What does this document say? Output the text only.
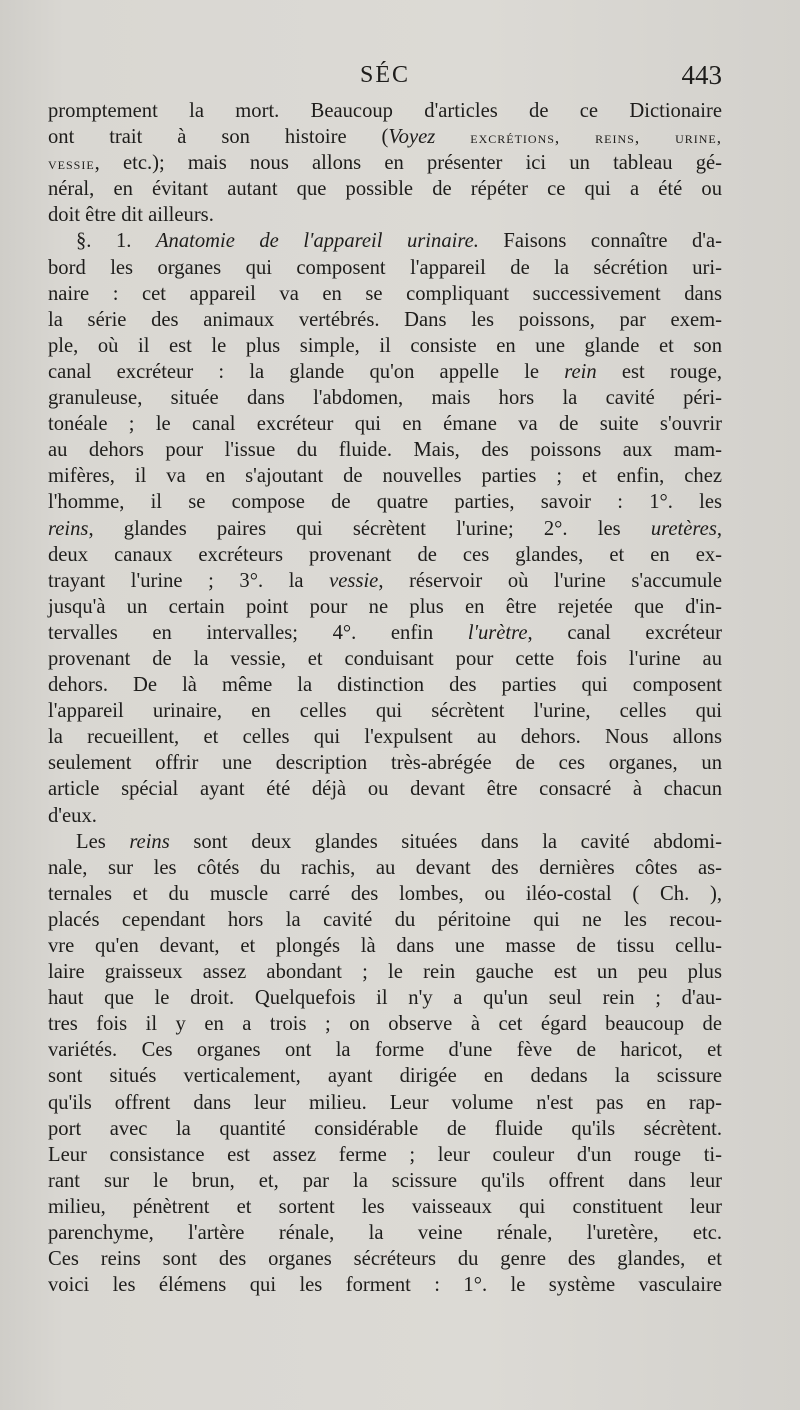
SÉC	443
promptement la mort. Beaucoup d'articles de ce Dictionaire
ont trait à son histoire (Voyez excrétions, reins, urine,
vessie, etc.); mais nous allons en présenter ici un tableau gé-
néral, en évitant autant que possible de répéter ce qui a été ou
doit être dit ailleurs.
§. 1. Anatomie de l'appareil urinaire. Faisons connaître d'a-
bord les organes qui composent l'appareil de la sécrétion uri-
naire : cet appareil va en se compliquant successivement dans
la série des animaux vertébrés. Dans les poissons, par exem-
ple, où il est le plus simple, il consiste en une glande et son
canal excréteur : la glande qu'on appelle le rein est rouge,
granuleuse, située dans l'abdomen, mais hors la cavité péri-
tonéale ; le canal excréteur qui en émane va de suite s'ouvrir
au dehors pour l'issue du fluide. Mais, des poissons aux mam-
mifères, il va en s'ajoutant de nouvelles parties ; et enfin, chez
l'homme, il se compose de quatre parties, savoir : 1°. les
reins, glandes paires qui sécrètent l'urine; 2°. les uretères,
deux canaux excréteurs provenant de ces glandes, et en ex-
trayant l'urine ; 3°. la vessie, réservoir où l'urine s'accumule
jusqu'à un certain point pour ne plus en être rejetée que d'in-
tervalles en intervalles; 4°. enfin l'urètre, canal excréteur
provenant de la vessie, et conduisant pour cette fois l'urine au
dehors. De là même la distinction des parties qui composent
l'appareil urinaire, en celles qui sécrètent l'urine, celles qui
la recueillent, et celles qui l'expulsent au dehors. Nous allons
seulement offrir une description très-abrégée de ces organes, un
article spécial ayant été déjà ou devant être consacré à chacun
d'eux.
Les reins sont deux glandes situées dans la cavité abdomi-
nale, sur les côtés du rachis, au devant des dernières côtes as-
ternales et du muscle carré des lombes, ou iléo-costal ( Ch. ),
placés cependant hors la cavité du péritoine qui ne les recou-
vre qu'en devant, et plongés là dans une masse de tissu cellu-
laire graisseux assez abondant ; le rein gauche est un peu plus
haut que le droit. Quelquefois il n'y a qu'un seul rein ; d'au-
tres fois il y en a trois ; on observe à cet égard beaucoup de
variétés. Ces organes ont la forme d'une fève de haricot, et
sont situés verticalement, ayant dirigée en dedans la scissure
qu'ils offrent dans leur milieu. Leur volume n'est pas en rap-
port avec la quantité considérable de fluide qu'ils sécrètent.
Leur consistance est assez ferme ; leur couleur d'un rouge ti-
rant sur le brun, et, par la scissure qu'ils offrent dans leur
milieu, pénètrent et sortent les vaisseaux qui constituent leur
parenchyme, l'artère rénale, la veine rénale, l'uretère, etc.
Ces reins sont des organes sécréteurs du genre des glandes, et
voici les élémens qui les forment : 1°. le système vasculaire
